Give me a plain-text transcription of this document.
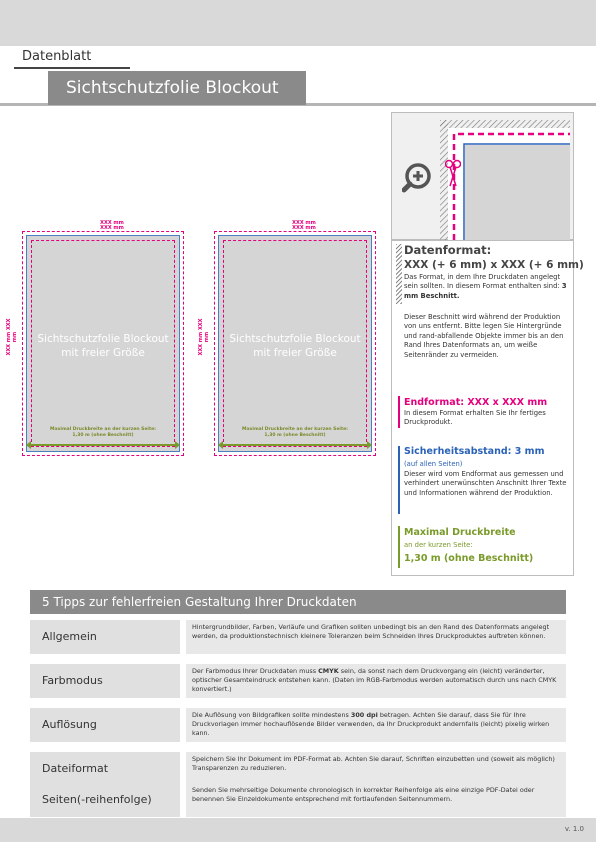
Datenblatt
Sichtschutzfolie Blockout
XXX mm
XXX mm
XXX mm XXX mm	Sichtschutzfolie Blockout
mit freier Größe
Maximal Druckbreite an der kurzen Seite:
1,30 m (ohne Beschnitt)
XXX mm
XXX mm
XXX mm XXX mm	Sichtschutzfolie Blockout
mit freier Größe
Maximal Druckbreite an der kurzen Seite:
1,30 m (ohne Beschnitt)
Datenformat:
XXX (+ 6 mm) x XXX (+ 6 mm)
Das Format, in dem Ihre Druckdaten angelegt sein sollten. In diesem Format enthalten sind: 3 mm Beschnitt.
Dieser Beschnitt wird während der Produktion von uns entfernt. Bitte legen Sie Hintergründe und rand-abfallende Objekte immer bis an den Rand Ihres Datenformats an, um weiße Seitenränder zu vermeiden.
Endformat: XXX x XXX mm
In diesem Format erhalten Sie Ihr fertiges Druckprodukt.
Sicherheitsabstand: 3 mm
(auf allen Seiten)
Dieser wird vom Endformat aus gemessen und verhindert unerwünschten Anschnitt Ihrer Texte und Informationen während der Produktion.
Maximal Druckbreite
an der kurzen Seite:
1,30 m (ohne Beschnitt)
5 Tipps zur fehlerfreien Gestaltung Ihrer Druckdaten
Allgemein
Hintergrundbilder, Farben, Verläufe und Grafiken sollten unbedingt bis an den Rand des Datenformats angelegt werden, da produktionstechnisch kleinere Toleranzen beim Schneiden Ihres Druckproduktes auftreten können.
Farbmodus
Der Farbmodus Ihrer Druckdaten muss CMYK sein, da sonst nach dem Druckvorgang ein (leicht) veränderter, optischer Gesamteindruck entstehen kann. (Daten im RGB-Farbmodus werden automatisch durch uns nach CMYK konvertiert.)
Auflösung
Die Auflösung von Bildgrafiken sollte mindestens 300 dpi betragen. Achten Sie darauf, dass Sie für Ihre Druckvorlagen immer hochauflösende Bilder verwenden, da Ihr Druckprodukt andernfalls (leicht) pixelig wirken kann.
Dateiformat
Speichern Sie Ihr Dokument im PDF-Format ab. Achten Sie darauf, Schriften einzubetten und (soweit als möglich) Transparenzen zu reduzieren.
Seiten(-reihenfolge)
Senden Sie mehrseitige Dokumente chronologisch in korrekter Reihenfolge als eine einzige PDF-Datei oder benennen Sie Einzeldokumente entsprechend mit fortlaufenden Seitennummern.
v. 1.0
